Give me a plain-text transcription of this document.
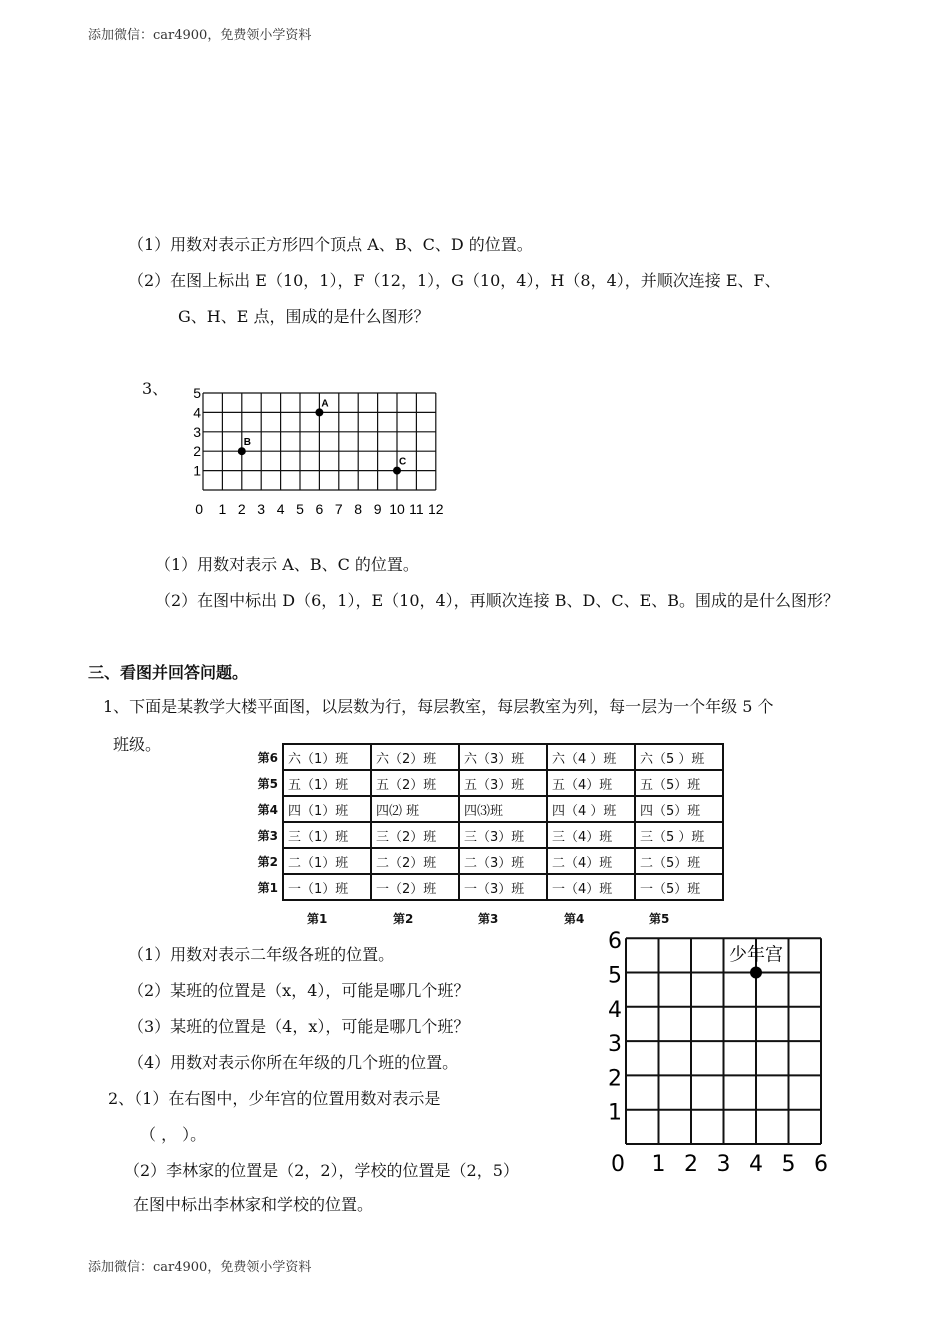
添加微信：car4900，免费领小学资料
（1）用数对表示正方形四个顶点 A、B、C、D 的位置。
（2）在图上标出 E（10，1），F（12，1），G（10，4），H（8，4），并顺次连接 E、F、
G、H、E 点，围成的是什么图形？
3、
0 1 2 3 4 5 6 7 8 9 10 11 12
1
2
3
4
5
A
B
C
（1）用数对表示 A、B、C 的位置。
（2）在图中标出 D（6，1），E（10，4），再顺次连接 B、D、C、E、B。围成的是什么图形？
三、看图并回答问题。
1、下面是某教学大楼平面图，以层数为行，每层教室，每层教室为列，每一层为一个年级 5 个
班级。
第6	六（1）班	六（2）班	六（3）班	六（4 ）班	六（5 ）班
第5	五（1）班	五（2）班	五（3）班	五（4）班	五（5）班
第4	四（1）班	四⑵ 班	四⑶班	四（4 ）班	四（5）班
第3	三（1）班	三（2）班	三（3）班	三（4）班	三（5 ）班
第2	二（1）班	二（2）班	二（3）班	二（4）班	二（5）班
第1	一（1）班	一（2）班	一（3）班	一（4）班	一（5）班
第1	第2	第3	第4	第5
（1）用数对表示二年级各班的位置。
（2）某班的位置是（x，4），可能是哪几个班？
（3）某班的位置是（4，x），可能是哪几个班？
（4）用数对表示你所在年级的几个班的位置。
2、（1）在右图中，少年宫的位置用数对表示是
（ ， ）。
（2）李林家的位置是（2，2），学校的位置是（2，5）
在图中标出李林家和学校的位置。
0 1 2 3 4 5 6
1
2
3
4
5
6
少年宫
添加微信：car4900，免费领小学资料
